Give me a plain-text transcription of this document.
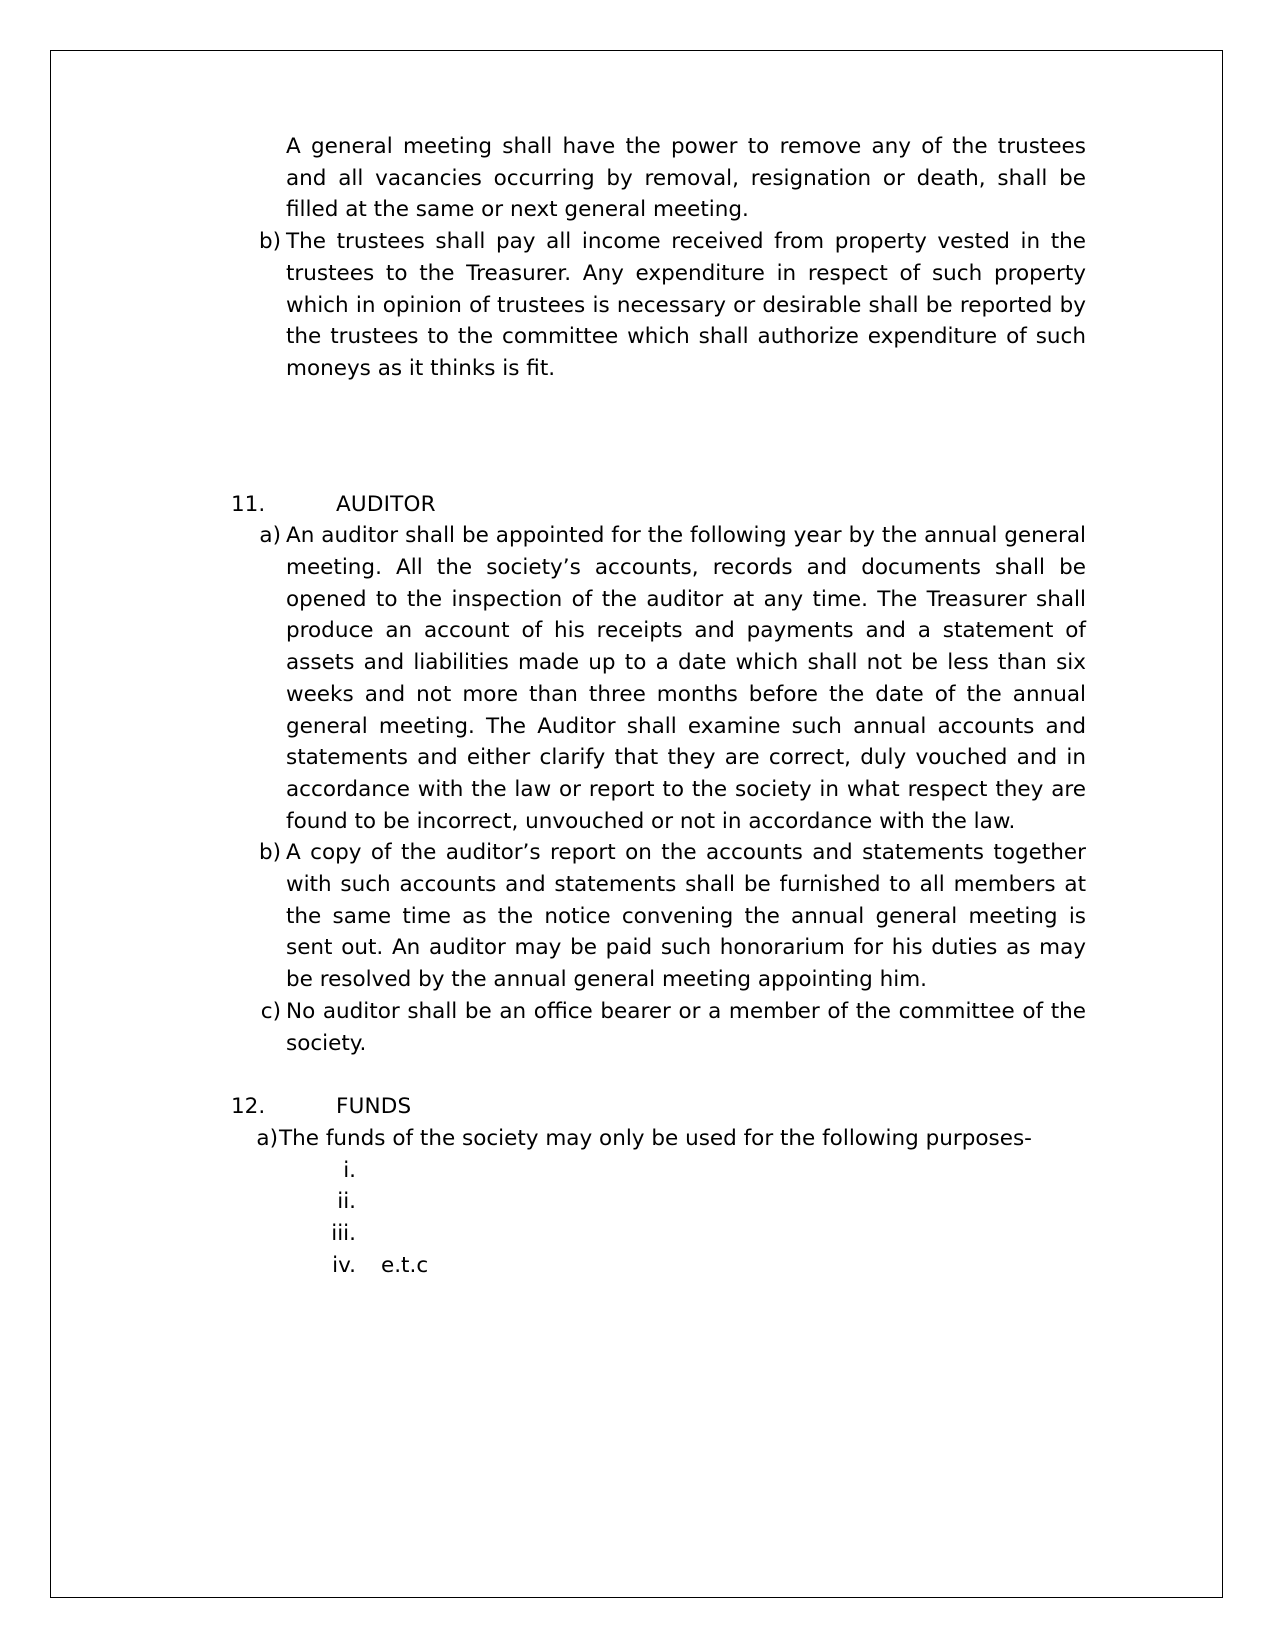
A general meeting shall have the power to remove any of the trustees and all vacancies occurring by removal, resignation or death, shall be filled at the same or next general meeting.

b) The trustees shall pay all income received from property vested in the trustees to the Treasurer. Any expenditure in respect of such property which in opinion of trustees is necessary or desirable shall be reported by the trustees to the committee which shall authorize expenditure of such moneys as it thinks is fit.
11.	AUDITOR
a) An auditor shall be appointed for the following year by the annual general meeting. All the society’s accounts, records and documents shall be opened to the inspection of the auditor at any time. The Treasurer shall produce an account of his receipts and payments and a statement of assets and liabilities made up to a date which shall not be less than six weeks and not more than three months before the date of the annual general meeting. The Auditor shall examine such annual accounts and statements and either clarify that they are correct, duly vouched and in accordance with the law or report to the society in what respect they are found to be incorrect, unvouched or not in accordance with the law.
b) A copy of the auditor’s report on the accounts and statements together with such accounts and statements shall be furnished to all members at the same time as the notice convening the annual general meeting is sent out. An auditor may be paid such honorarium for his duties as may be resolved by the annual general meeting appointing him.
c) No auditor shall be an office bearer or a member of the committee of the society.
12.	FUNDS
a) The funds of the society may only be used for the following purposes-
i.
ii.
iii.
iv. e.t.c
